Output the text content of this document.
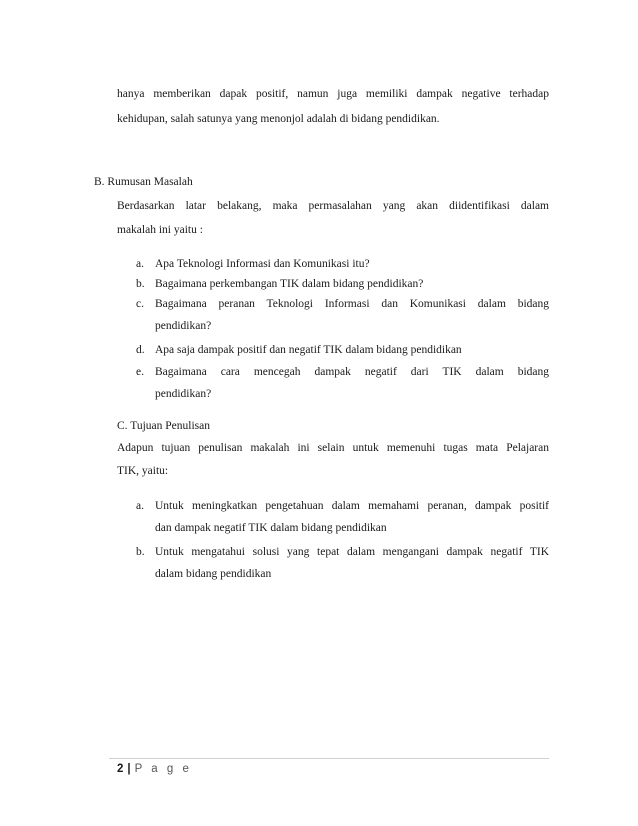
hanya memberikan dapak positif, namun juga memiliki dampak negative terhadap
kehidupan, salah satunya yang menonjol adalah di bidang pendidikan.
B. Rumusan Masalah
Berdasarkan latar belakang, maka permasalahan yang akan diidentifikasi dalam
makalah ini yaitu :
a. Apa Teknologi Informasi dan Komunikasi itu?
b. Bagaimana perkembangan TIK dalam bidang pendidikan?
c. Bagaimana peranan Teknologi Informasi dan Komunikasi dalam bidang
pendidikan?
d. Apa saja dampak positif dan negatif TIK dalam bidang pendidikan
e. Bagaimana cara mencegah dampak negatif dari TIK dalam bidang
pendidikan?
C. Tujuan Penulisan
Adapun tujuan penulisan makalah ini selain untuk memenuhi tugas mata Pelajaran
TIK, yaitu:
a. Untuk meningkatkan pengetahuan dalam memahami peranan, dampak positif
dan dampak negatif TIK dalam bidang pendidikan
b. Untuk mengatahui solusi yang tepat dalam mengangani dampak negatif TIK
dalam bidang pendidikan
2 | P a g e
